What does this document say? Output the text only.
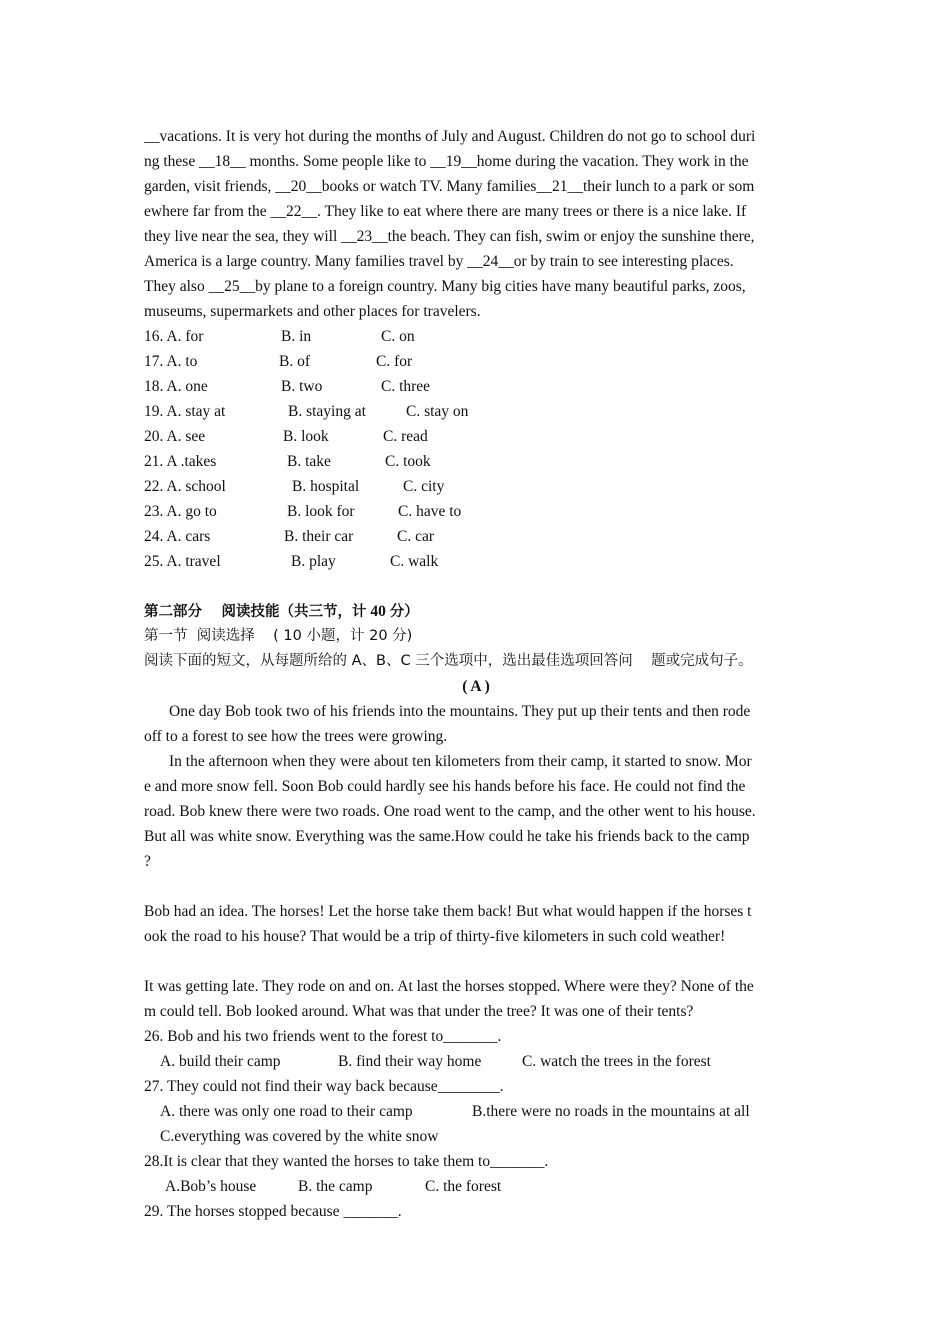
__vacations. It is very hot during the months of July and August. Children do not go to school duri
ng these __18__ months. Some people like to __19__home during the vacation. They work in the
garden, visit friends, __20__books or watch TV. Many families__21__their lunch to a park or som
ewhere far from the __22__. They like to eat where there are many trees or there is a nice lake. If
they live near the sea, they will __23__the beach. They can fish, swim or enjoy the sunshine there,
America is a large country. Many families travel by __24__or by train to see interesting places.
They also __25__by plane to a foreign country. Many big cities have many beautiful parks, zoos,
museums, supermarkets and other places for travelers.

16. A. for

	B. in

	C. on

17. A. to

	B. of

	C. for

18. A. one

	B. two

	C. three

19. A. stay at

	B. staying at

	C. stay on

20. A. see

	B. look

	C. read

21. A .takes

	B. take

	C. took

22. A. school

	B. hospital

	C. city

23. A. go to

	B. look for

	C. have to

24. A. cars

	B. their car

	C. car

25. A. travel

	B. play

	C. walk

第二部分　 阅读技能（共三节，计 40 分）
第一节  阅读选择    ( 10 小题，计 20 分)
阅读下面的短文，从每题所给的 A、B、C 三个选项中，选出最佳选项回答问    题或完成句子。
( A )
One day Bob took two of his friends into the mountains. They put up their tents and then rode
off to a forest to see how the trees were growing.
In the afternoon when they were about ten kilometers from their camp, it started to snow. Mor
e and more snow fell. Soon Bob could hardly see his hands before his face. He could not find the
road. Bob knew there were two roads. One road went to the camp, and the other went to his house.
But all was white snow. Everything was the same.How could he take his friends back to the camp
?
Bob had an idea. The horses! Let the horse take them back! But what would happen if the horses t
ook the road to his house? That would be a trip of thirty-five kilometers in such cold weather!
It was getting late. They rode on and on. At last the horses stopped. Where were they? None of the
m could tell. Bob looked around. What was that under the tree? It was one of their tents?
26. Bob and his two friends went to the forest to_______.

A. build their camp

	B. find their way home

	C. watch the trees in the forest

27. They could not find their way back because________.

A. there was only one road to their camp

	B.there were no roads in the mountains at all

C.everything was covered by the white snow
28.It is clear that they wanted the horses to take them to_______.

A.Bob’s house

	B. the camp

	C. the forest

29. The horses stopped because _______.
